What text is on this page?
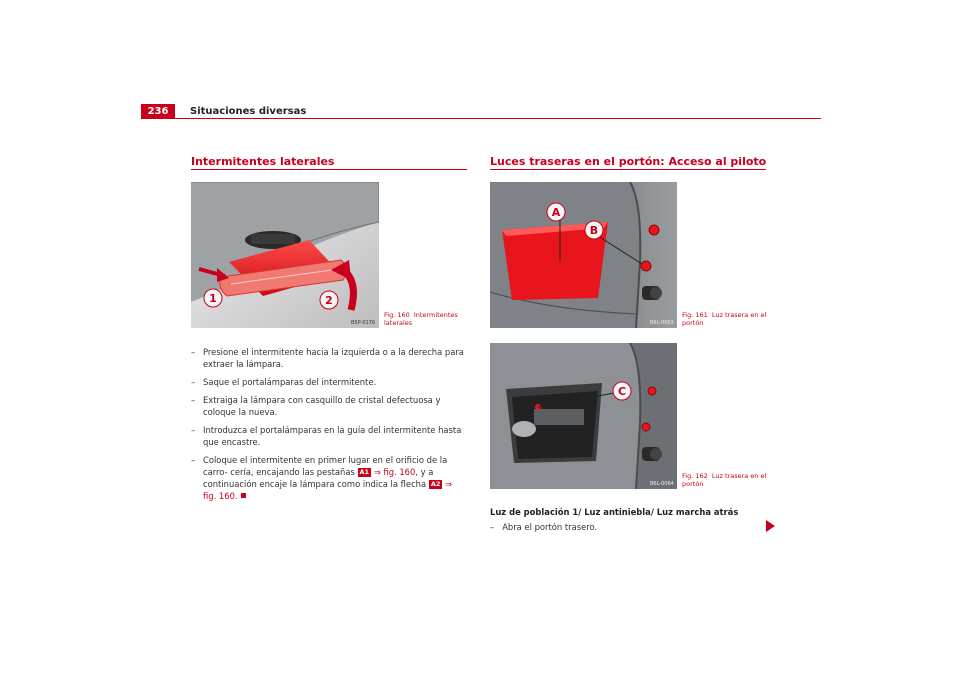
236	Situaciones diversas
Intermitentes laterales
1	2
B5P-0176
Fig. 160 Intermitentes laterales
– Presione el intermitente hacia la izquierda o a la derecha para extraer la lámpara.
– Saque el portalámparas del intermitente.
– Extraiga la lámpara con casquillo de cristal defectuosa y coloque la nueva.
– Introduzca el portalámparas en la guía del intermitente hasta que encastre.
– Coloque el intermitente en primer lugar en el orificio de la carro- cería, encajando las pestañas A1 ⇒ fig. 160, y a continuación encaje la lámpara como indica la flecha A2 ⇒ fig. 160.
Luces traseras en el portón: Acceso al piloto
A
B
B6L-0063
Fig. 161 Luz trasera en el portón
C
B6L-0064
Fig. 162 Luz trasera en el portón
Luz de población 1/ Luz antiniebla/ Luz marcha atrás
– Abra el portón trasero.
